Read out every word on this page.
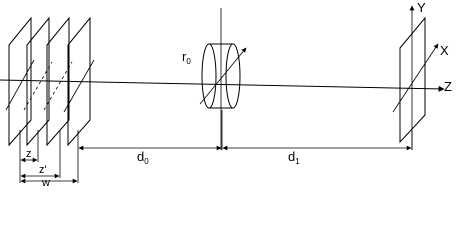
$r_0$
$d_0$	$d_1$
z
z'
w
Y
X
Z
